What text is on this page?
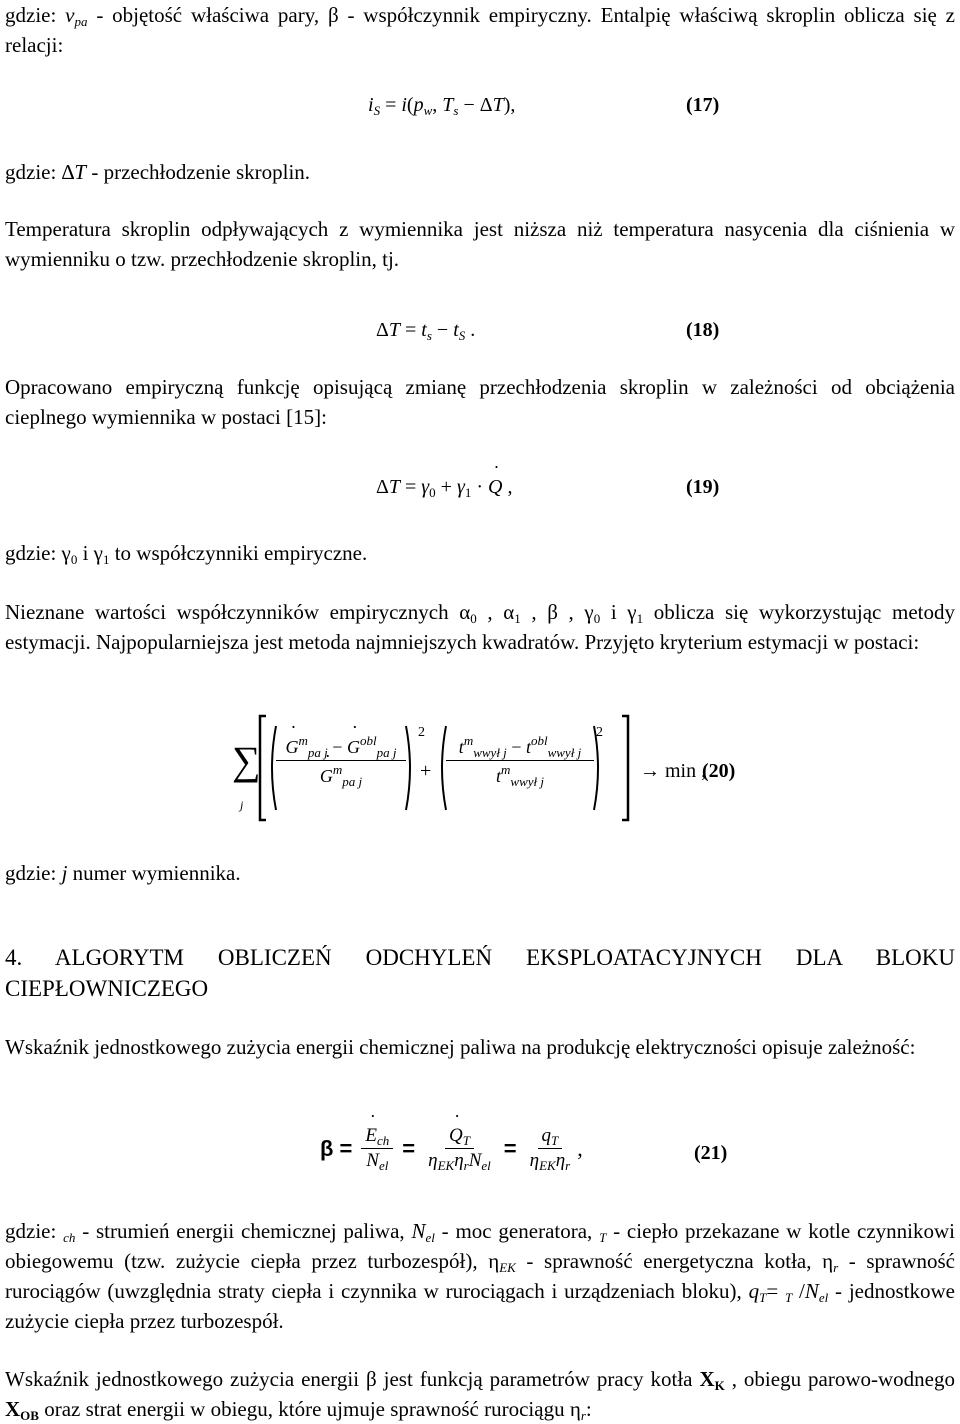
gdzie: $v_{pa}$ - objętość właściwa pary, β - współczynnik empiryczny. Entalpię właściwą skroplin oblicza się z relacji:

$i_S = i(p_w$, $T_s - \Delta T$),	(17)

gdzie: ∆T - przechłodzenie skroplin.

Temperatura skroplin odpływających z wymiennika jest niższa niż temperatura nasycenia dla ciśnienia w wymienniku o tzw. przechłodzenie skroplin, tj.

$\Delta T = t_s - t_S$ .	(18)

Opracowano empiryczną funkcję opisującą zmianę przechłodzenia skroplin w zależności od obciążenia cieplnego wymiennika w postaci [15]:

$\Delta T = \gamma_0 + \gamma_1$ · ˙ Q ,	(19)

gdzie: $\gamma_0$ i $\gamma_1$ to współczynniki empiryczne.

Nieznane wartości współczynników empirycznych $\alpha_0$ , $\alpha_1$ , β , $\gamma_0$ i $\gamma_1$ oblicza się wykorzystując metody estymacji. Najpopularniejsza jest metoda najmniejszych kwadratów. Przyjęto kryterium estymacji w postaci:

∑
j
2	2
+
˙ $G^m_{pa j}$ − ˙ $G^{obl}_{pa j}$
˙ $G^m_{pa j}$
$t^m_{wwył j} - t^{obl}_{wwył j}$
$t^m_{wwył j}$	→ min ,
(20)

gdzie: j numer wymiennika.

4. ALGORYTM OBLICZEŃ ODCHYLEŃ EKSPLOATACYJNYCH DLA BLOKU CIEPŁOWNICZEGO

Wskaźnik jednostkowego zużycia energii chemicznej paliwa na produkcję elektryczności opisuje zależność:

β = ˙ $\frac{E_{ch}}{N_{el}}$ = ˙ $\frac{Q_T}{\eta_{EK}\eta_rN_{el}} = \frac{q_T}{\eta_{EK}\eta_r}$ ,	(21)

gdzie: $_{ch}$ - strumień energii chemicznej paliwa, $N_{el}$ - moc generatora, $_T$ - ciepło przekazane w kotle czynnikowi obiegowemu (tzw. zużycie ciepła przez turbozespół), $\eta_{EK}$ - sprawność energetyczna kotła, $\eta_r$ - sprawność rurociągów (uwzględnia straty ciepła i czynnika w rurociągach i urządzeniach bloku), $q_T= _T$ $/N_{el}$ - jednostkowe zużycie ciepła przez turbozespół.

Wskaźnik jednostkowego zużycia energii β jest funkcją parametrów pracy kotła $X_K$ , obiegu parowo-wodnego $X_{OB}$ oraz strat energii w obiegu, które ujmuje sprawność rurociągu $\eta_r$:
